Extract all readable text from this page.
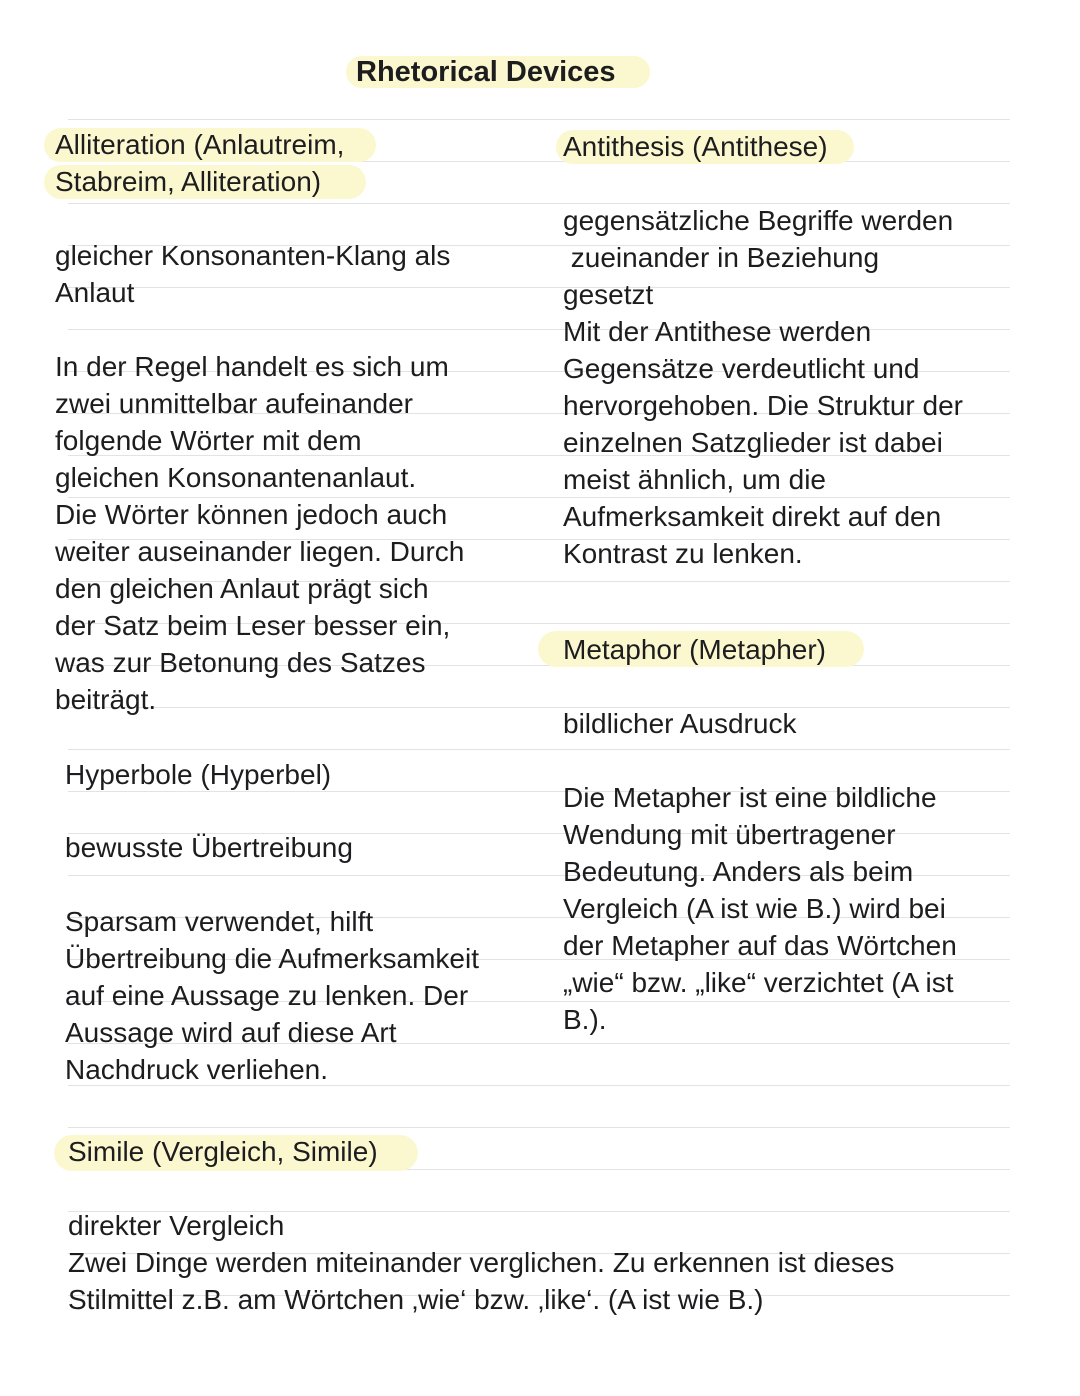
Rhetorical Devices

Alliteration (Anlautreim,

Stabreim, Alliteration)

gleicher Konsonanten-Klang als

Anlaut

In der Regel handelt es sich um

zwei unmittelbar aufeinander

folgende Wörter mit dem

gleichen Konsonantenanlaut.

Die Wörter können jedoch auch

weiter auseinander liegen. Durch

den gleichen Anlaut prägt sich

der Satz beim Leser besser ein,

was zur Betonung des Satzes

beiträgt.

Antithesis (Antithese)

gegensätzliche Begriffe werden

zueinander in Beziehung

gesetzt

Mit der Antithese werden

Gegensätze verdeutlicht und

hervorgehoben. Die Struktur der

einzelnen Satzglieder ist dabei

meist ähnlich, um die

Aufmerksamkeit direkt auf den

Kontrast zu lenken.

Metaphor (Metapher)

bildlicher Ausdruck

Die Metapher ist eine bildliche

Wendung mit übertragener

Bedeutung. Anders als beim

Vergleich (A ist wie B.) wird bei

der Metapher auf das Wörtchen

„wie“ bzw. „like“ verzichtet (A ist

B.).

Hyperbole (Hyperbel)

bewusste Übertreibung

Sparsam verwendet, hilft

Übertreibung die Aufmerksamkeit

auf eine Aussage zu lenken. Der

Aussage wird auf diese Art

Nachdruck verliehen.

Simile (Vergleich, Simile)

direkter Vergleich

Zwei Dinge werden miteinander verglichen. Zu erkennen ist dieses

Stilmittel z.B. am Wörtchen ‚wie‘ bzw. ‚like‘. (A ist wie B.)
